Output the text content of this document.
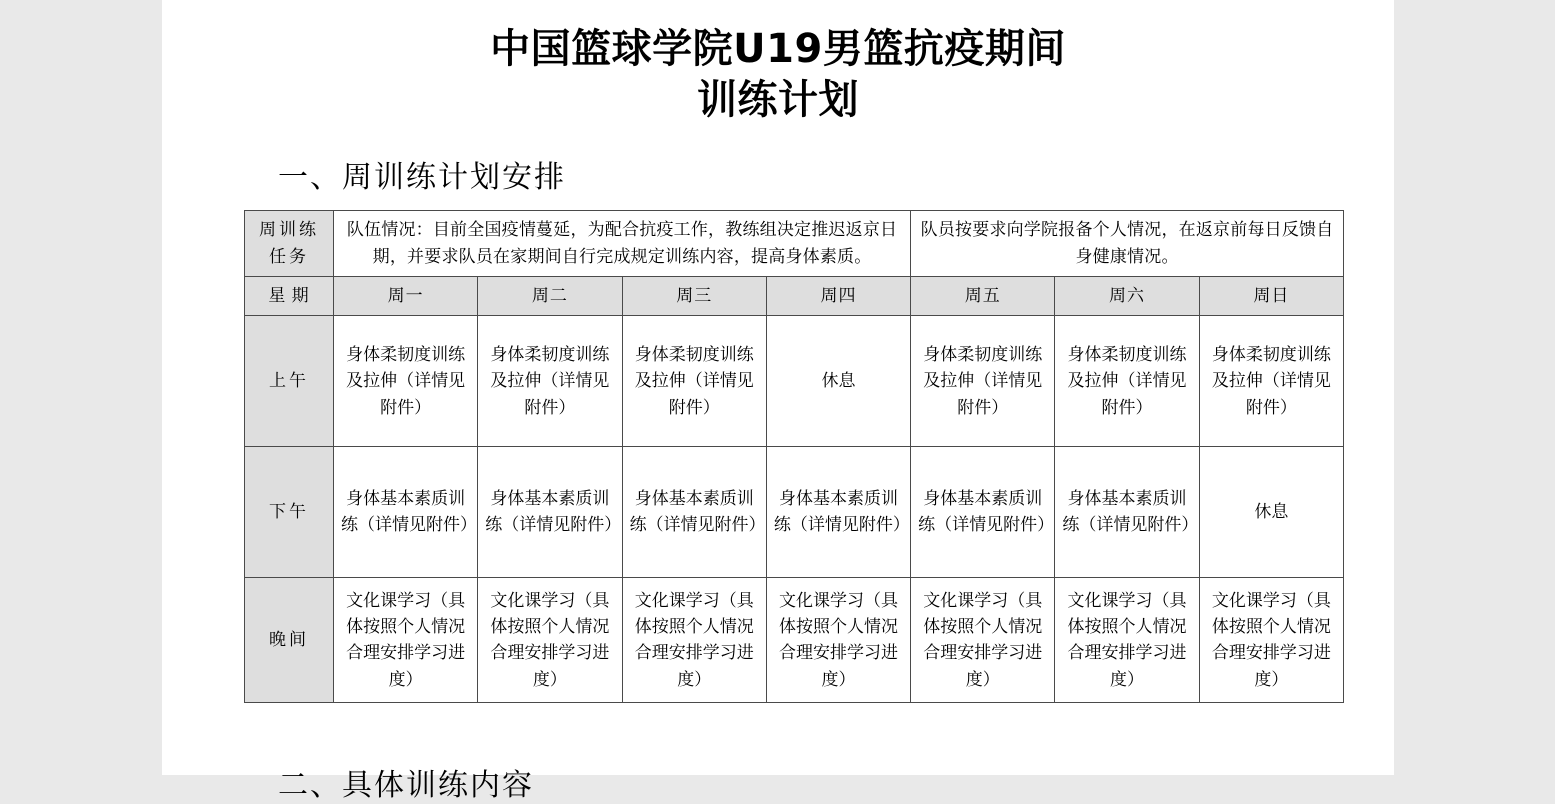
中国篮球学院U19男篮抗疫期间
训练计划
一、周训练计划安排
周训练任务	队伍情况：目前全国疫情蔓延，为配合抗疫工作，教练组决定推迟返京日期，并要求队员在家期间自行完成规定训练内容，提高身体素质。				队员按要求向学院报备个人情况，在返京前每日反馈自身健康情况。		
星 期	周一	周二	周三	周四	周五	周六	周日
上午	身体柔韧度训练及拉伸（详情见附件）	身体柔韧度训练及拉伸（详情见附件）	身体柔韧度训练及拉伸（详情见附件）	休息	身体柔韧度训练及拉伸（详情见附件）	身体柔韧度训练及拉伸（详情见附件）	身体柔韧度训练及拉伸（详情见附件）
下午	身体基本素质训练（详情见附件）	身体基本素质训练（详情见附件）	身体基本素质训练（详情见附件）	身体基本素质训练（详情见附件）	身体基本素质训练（详情见附件）	身体基本素质训练（详情见附件）	休息
晚间	文化课学习（具体按照个人情况合理安排学习进度）	文化课学习（具体按照个人情况合理安排学习进度）	文化课学习（具体按照个人情况合理安排学习进度）	文化课学习（具体按照个人情况合理安排学习进度）	文化课学习（具体按照个人情况合理安排学习进度）	文化课学习（具体按照个人情况合理安排学习进度）	文化课学习（具体按照个人情况合理安排学习进度）
二、具体训练内容
